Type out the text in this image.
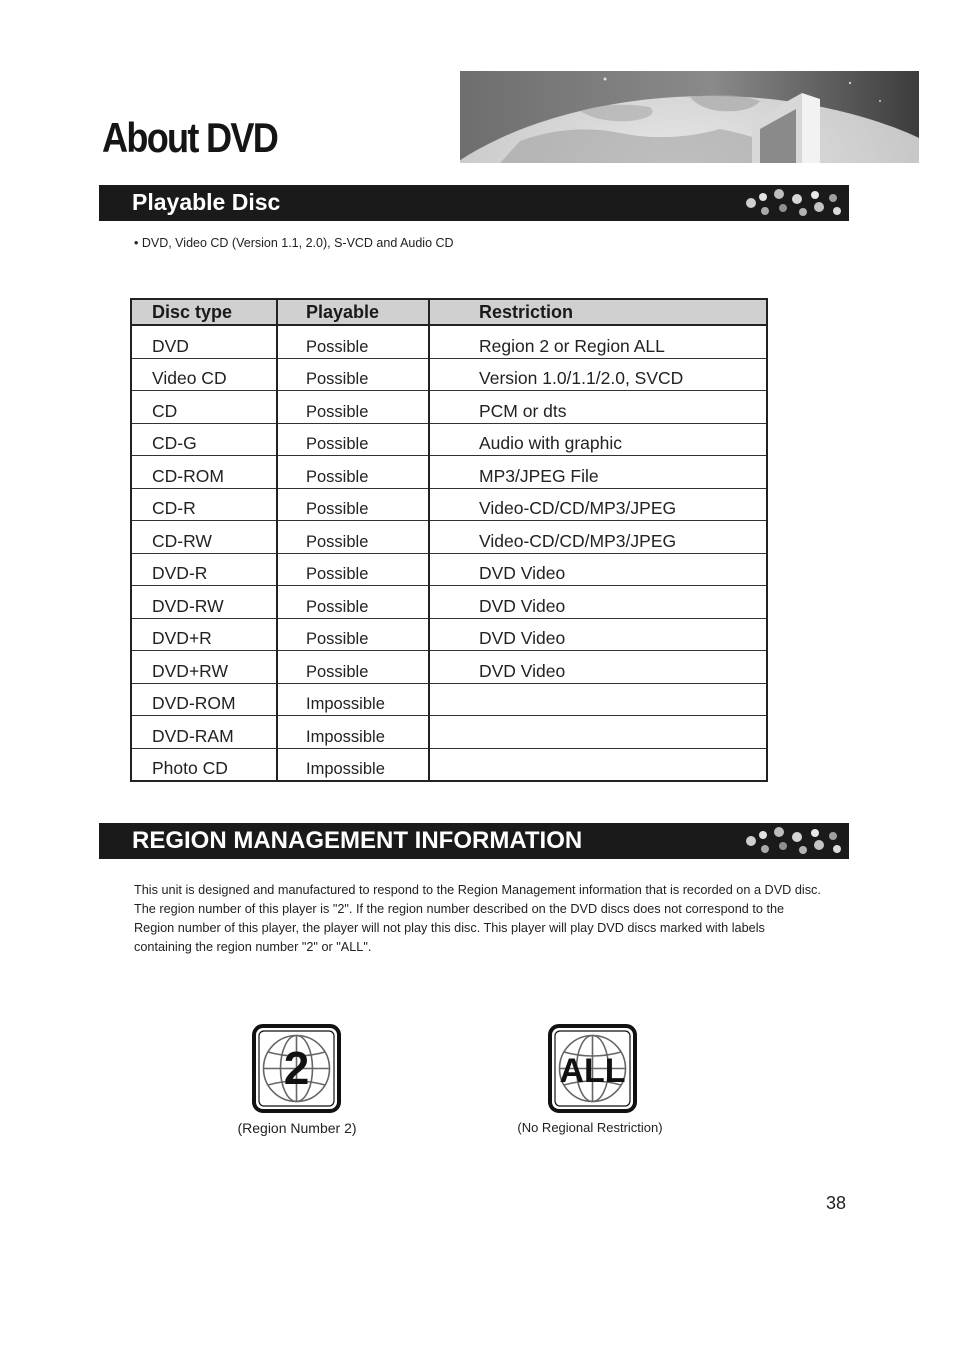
About DVD
Playable Disc
• DVD, Video CD (Version 1.1, 2.0), S-VCD and Audio CD
Disc type	Playable	Restriction
DVD	Possible	Region 2 or Region ALL
Video CD	Possible	Version 1.0/1.1/2.0, SVCD
CD	Possible	PCM or dts
CD-G	Possible	Audio with graphic
CD-ROM	Possible	MP3/JPEG File
CD-R	Possible	Video-CD/CD/MP3/JPEG
CD-RW	Possible	Video-CD/CD/MP3/JPEG
DVD-R	Possible	DVD Video
DVD-RW	Possible	DVD Video
DVD+R	Possible	DVD Video
DVD+RW	Possible	DVD Video
DVD-ROM	Impossible	
DVD-RAM	Impossible	
Photo CD	Impossible	
REGION MANAGEMENT INFORMATION
This unit is designed and manufactured to respond to the Region Management information that is recorded on a DVD disc. The region number of this player is "2". If the region number described on the DVD discs does not correspond to the Region number of this player, the player will not play this disc. This player will play DVD discs marked with labels containing the region number "2" or "ALL".
2
(Region Number 2)
ALL
(No Regional Restriction)
38
